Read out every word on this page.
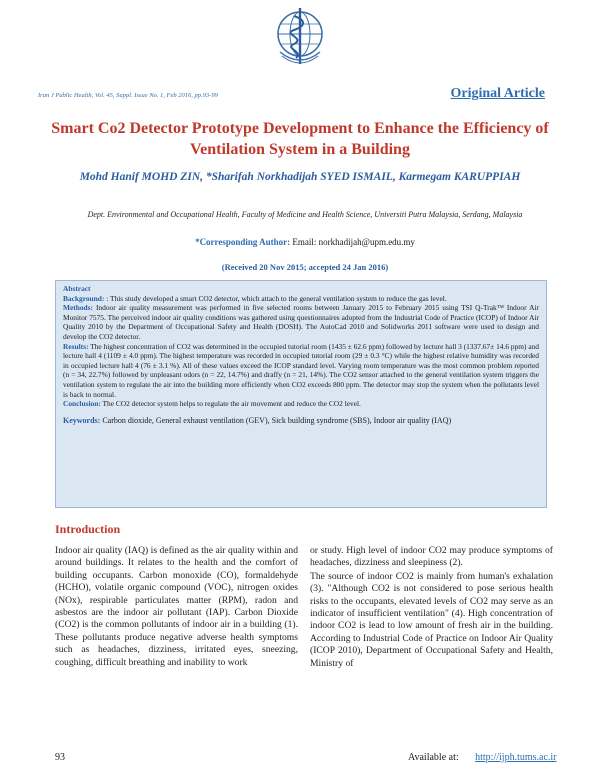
Iran J Public Health, Vol. 45, Suppl. Issue No. 1, Feb 2016, pp.93-99	Original Article
Smart Co2 Detector Prototype Development to Enhance the Efficiency of Ventilation System in a Building
Mohd Hanif MOHD ZIN, *Sharifah Norkhadijah SYED ISMAIL, Karmegam KARUPPIAH
Dept. Environmental and Occupational Health, Faculty of Medicine and Health Science, Universiti Putra Malaysia, Serdang, Malaysia
*Corresponding Author: Email: norkhadijah@upm.edu.my
(Received 20 Nov 2015; accepted 24 Jan 2016)

Abstract

Background: : This study developed a smart CO2 detector, which attach to the general ventilation system to reduce the gas level.

Methods: Indoor air quality measurement was performed in five selected rooms between January 2015 to February 2015 using TSI Q-Trak™ Indoor Air Monitor 7575. The perceived indoor air quality conditions was gathered using questionnaires adopted from the Industrial Code of Practice (ICOP) of Indoor Air Quality 2010 by the Department of Occupational Safety and Health (DOSH). The AutoCad 2010 and Solidworks 2011 software were used to design and develop the CO2 detector.

Results: The highest concentration of CO2 was determined in the occupied tutorial room (1435 ± 62.6 ppm) followed by lecture hall 3 (1337.67± 14.6 ppm) and lecture hall 4 (1109 ± 4.0 ppm). The highest temperature was recorded in occupied tutorial room (29 ± 0.3 °C) while the highest relative humidity was recorded in occupied lecture hall 4 (76 ± 3.1 %). All of these values exceed the ICOP standard level. Varying room temperature was the most common problem reported (n = 34, 22.7%) followed by unpleasant odors (n = 22, 14.7%) and draffy (n = 21, 14%). The CO2 sensor attached to the general ventilation system triggers the ventilation system to regulate the air into the building more efficiently when CO2 exceeds 800 ppm. The detector may stop the system when the pollutants level is back to normal.

Conclusion: The CO2 detector system helps to regulate the air movement and reduce the CO2 level.

Keywords: Carbon dioxide, General exhaust ventilation (GEV), Sick building syndrome (SBS), Indoor air quality (IAQ)

Introduction

Indoor air quality (IAQ) is defined as the air quality within and around buildings. It relates to the health and the comfort of building occupants. Carbon monoxide (CO), formaldehyde (HCHO), volatile organic compound (VOC), nitrogen oxides (NOx), respirable particulates matter (RPM), radon and asbestos are the indoor air pollutant (IAP). Carbon Dioxide (CO2) is the common pollutants of indoor air in a building (1). These pollutants produce negative adverse health symptoms such as headaches, dizziness, irritated eyes, sneezing, coughing, difficult breathing and inability to work

or study. High level of indoor CO2 may produce symptoms of headaches, dizziness and sleepiness (2).

The source of indoor CO2 is mainly from human's exhalation (3). "Although CO2 is not considered to pose serious health risks to the occupants, elevated levels of CO2 may serve as an indicator of insufficient ventilation" (4). High concentration of indoor CO2 is lead to low amount of fresh air in the building. According to Industrial Code of Practice on Indoor Air Quality (ICOP 2010), Department of Occupational Safety and Health, Ministry of

93	Available at: http://ijph.tums.ac.ir
